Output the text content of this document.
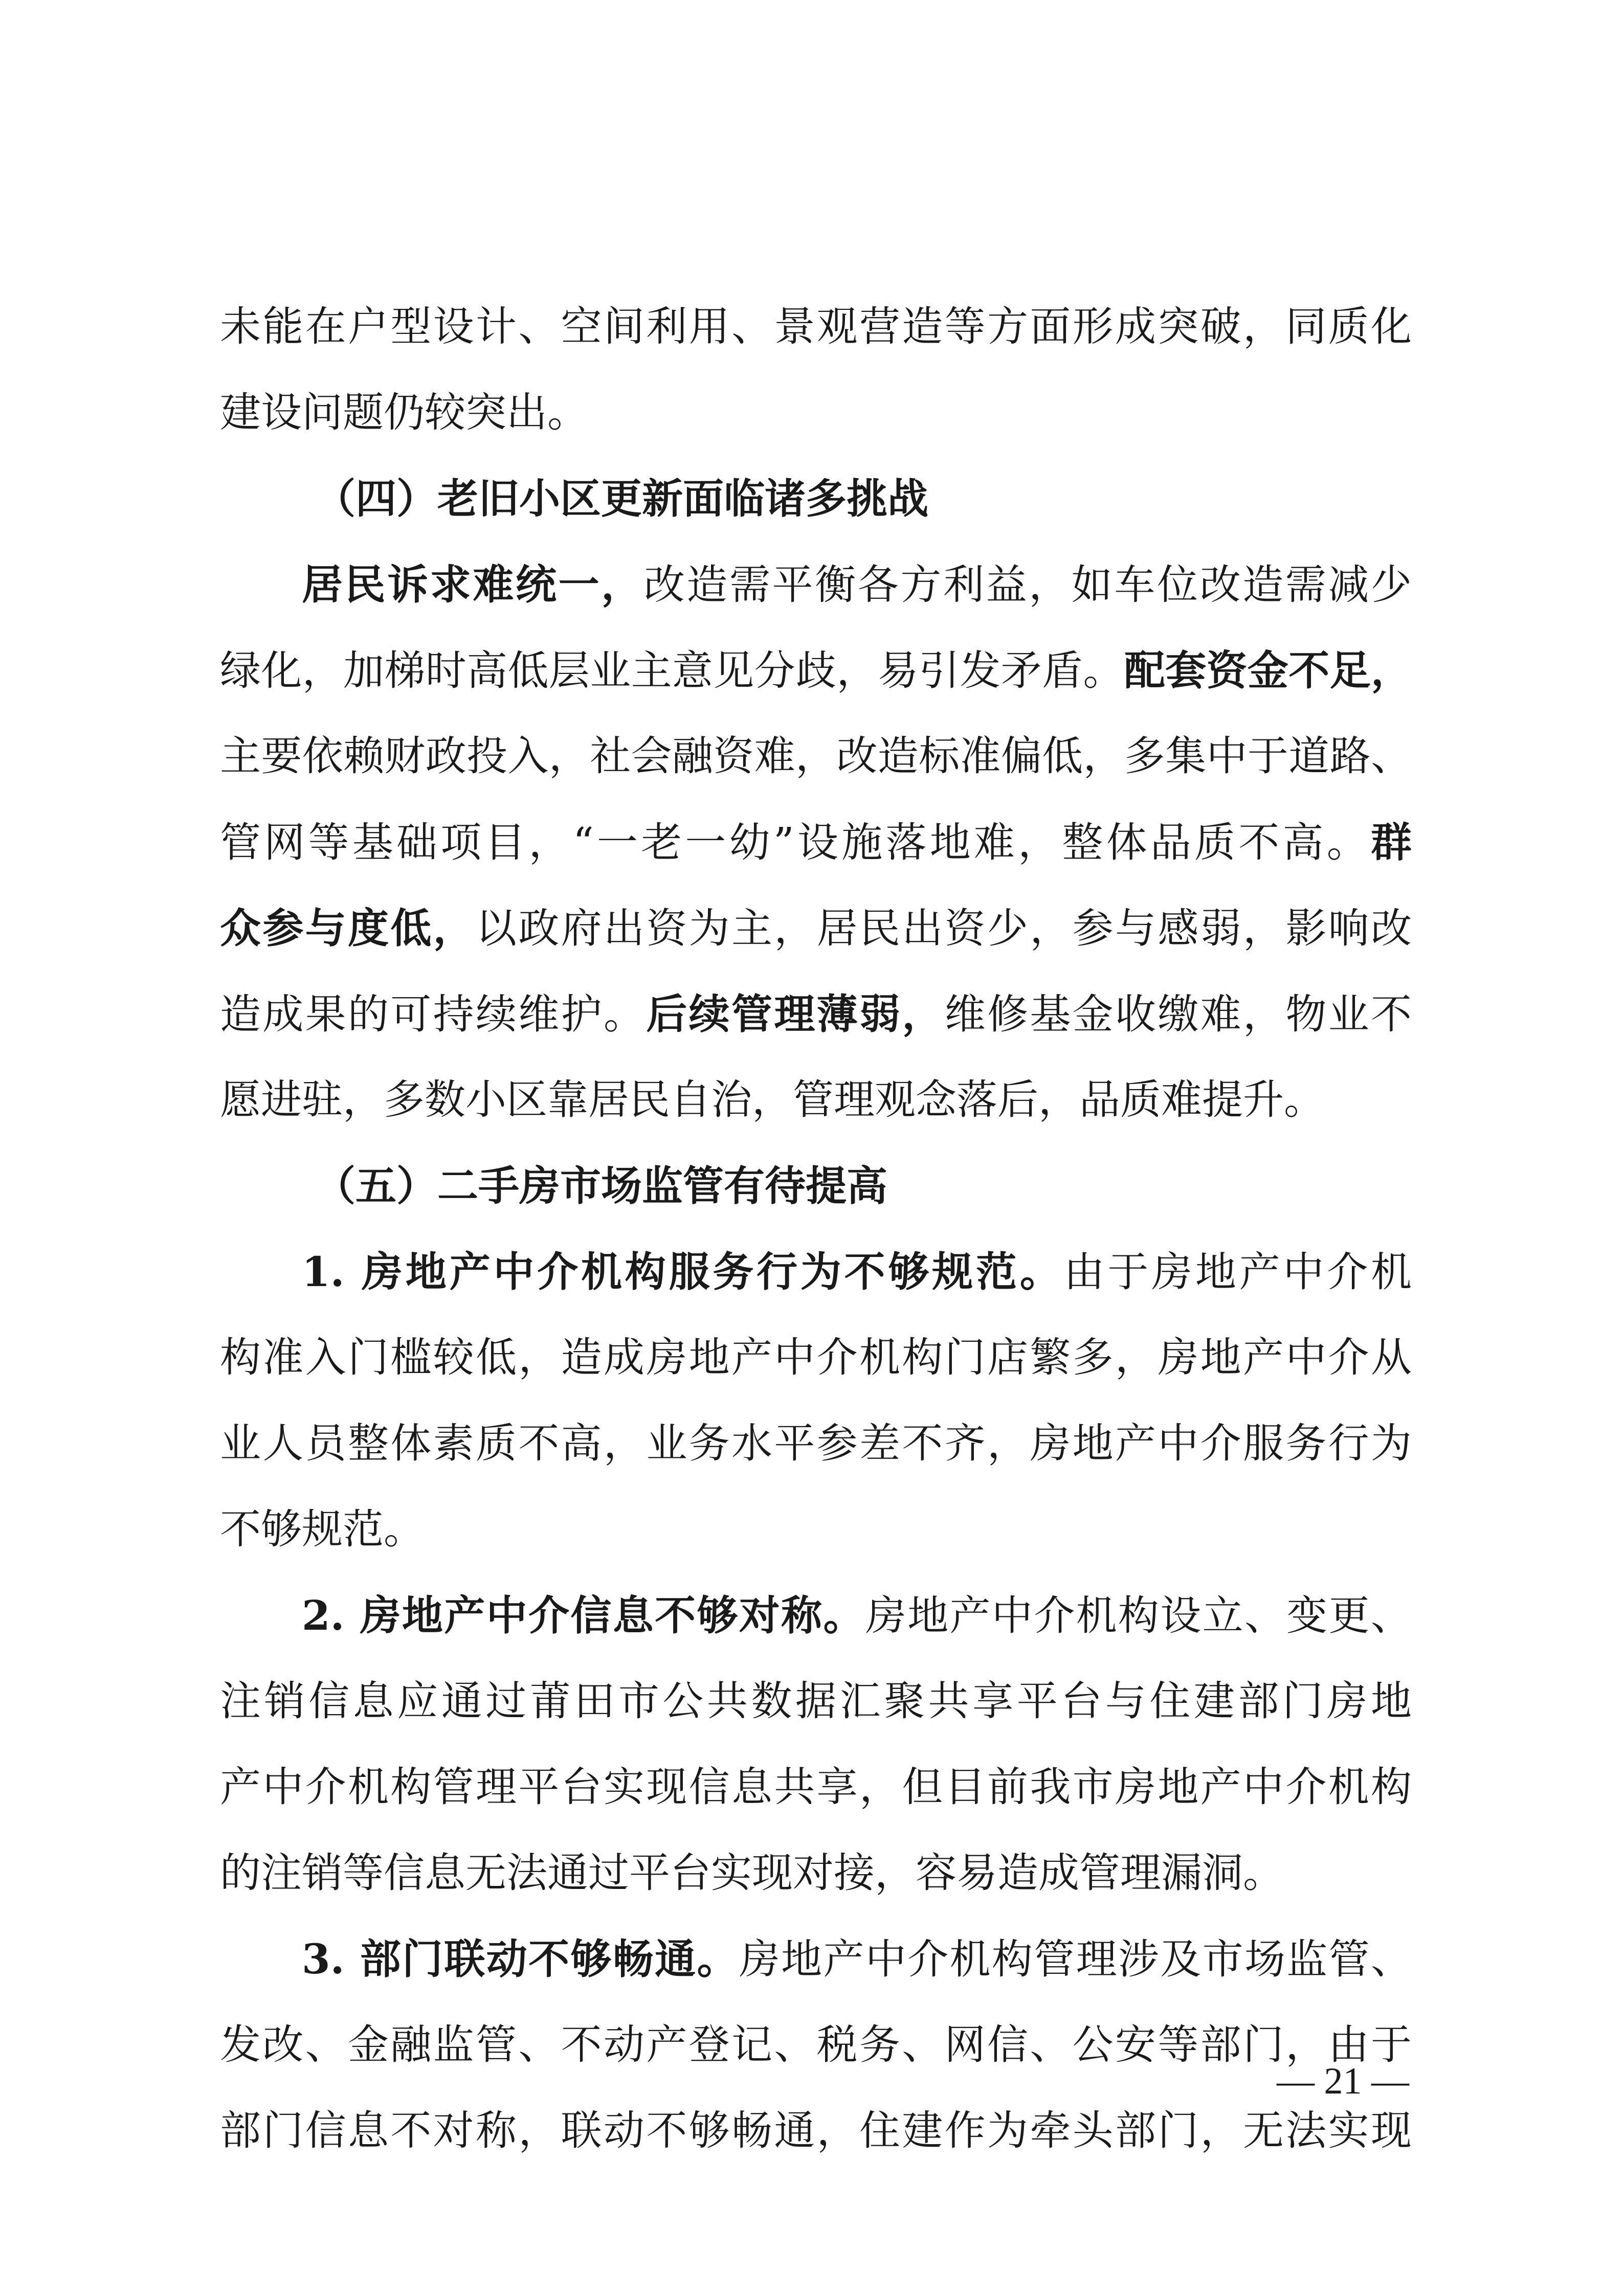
未能在户型设计、空间利用、景观营造等方面形成突破，同质化
建设问题仍较突出。
（四）老旧小区更新面临诸多挑战
居民诉求难统一，改造需平衡各方利益，如车位改造需减少
绿化，加梯时高低层业主意见分歧，易引发矛盾。配套资金不足，
主要依赖财政投入，社会融资难，改造标准偏低，多集中于道路、
管网等基础项目，“一老一幼”设施落地难，整体品质不高。群
众参与度低，以政府出资为主，居民出资少，参与感弱，影响改
造成果的可持续维护。后续管理薄弱，维修基金收缴难，物业不
愿进驻，多数小区靠居民自治，管理观念落后，品质难提升。
（五）二手房市场监管有待提高
1. 房地产中介机构服务行为不够规范。由于房地产中介机
构准入门槛较低，造成房地产中介机构门店繁多，房地产中介从
业人员整体素质不高，业务水平参差不齐，房地产中介服务行为
不够规范。
2. 房地产中介信息不够对称。房地产中介机构设立、变更、
注销信息应通过莆田市公共数据汇聚共享平台与住建部门房地
产中介机构管理平台实现信息共享，但目前我市房地产中介机构
的注销等信息无法通过平台实现对接，容易造成管理漏洞。
3. 部门联动不够畅通。房地产中介机构管理涉及市场监管、
发改、金融监管、不动产登记、税务、网信、公安等部门，由于
部门信息不对称，联动不够畅通，住建作为牵头部门，无法实现
— 21 —
